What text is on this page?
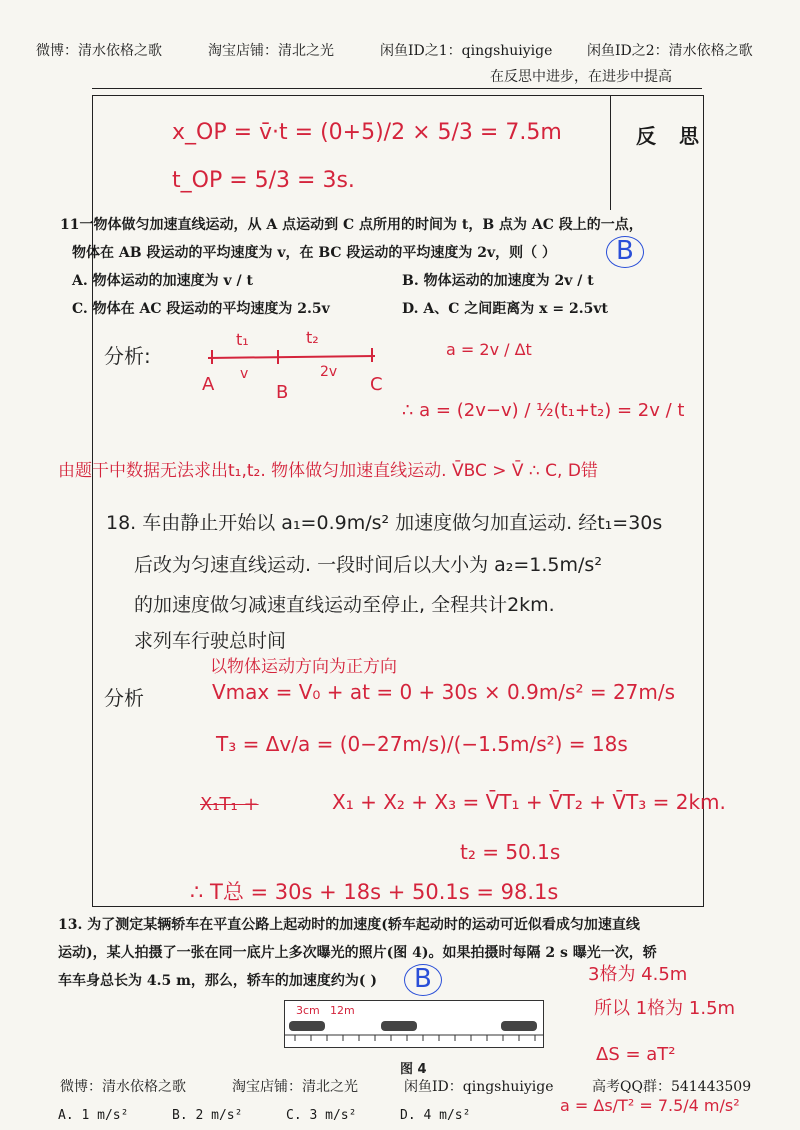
微博：清水依格之歌	淘宝店铺：清北之光	闲鱼ID之1：qingshuiyige 闲鱼ID之2：清水依格之歌
在反思中进步，在进步中提高
反 思
x_OP = v̄·t = (0+5)/2 × 5/3 = 7.5m
t_OP = 5/3 = 3s.
11一物体做匀加速直线运动，从 A 点运动到 C 点所用的时间为 t，B 点为 AC 段上的一点，
物体在 AB 段运动的平均速度为 v，在 BC 段运动的平均速度为 2v，则（ ） B
A. 物体运动的加速度为 v / t	B. 物体运动的加速度为 2v / t
C. 物体在 AC 段运动的平均速度为 2.5v	D. A、C 之间距离为 x = 2.5vt
分析:
t₁	t₂
A v
B
2v
C
a = 2v / Δt
∴ a = (2v−v) / ½(t₁+t₂) = 2v / t
由题干中数据无法求出t₁,t₂. 物体做匀加速直线运动. V̄BC > V̄ ∴ C, D错
18. 车由静止开始以 a₁=0.9m/s² 加速度做匀加直运动. 经t₁=30s
后改为匀速直线运动. 一段时间后以大小为 a₂=1.5m/s²
的加速度做匀减速直线运动至停止, 全程共计2km.
求列车行驶总时间
以物体运动方向为正方向
分析	Vmax = V₀ + at = 0 + 30s × 0.9m/s² = 27m/s
T₃ = Δv/a = (0−27m/s)/(−1.5m/s²) = 18s
X₁T₁ +	X₁ + X₂ + X₃ = V̄T₁ + V̄T₂ + V̄T₃ = 2km.
t₂ = 50.1s
∴ T总 = 30s + 18s + 50.1s = 98.1s
13. 为了测定某辆轿车在平直公路上起动时的加速度(轿车起动时的运动可近似看成匀加速直线
运动)，某人拍摄了一张在同一底片上多次曝光的照片(图 4)。如果拍摄时每隔 2 s 曝光一次，轿
车车身总长为 4.5 m，那么，轿车的加速度约为( ) B	3格为 4.5m
所以 1格为 1.5m
ΔS = aT²
a = Δs/T² = 7.5/4 m/s²
3cm 12m
图 4
微博：清水依格之歌	淘宝店铺：清北之光	闲鱼ID：qingshuiyige	高考QQ群：541443509
A. 1 m/s²	B. 2 m/s²	C. 3 m/s²	D. 4 m/s²
